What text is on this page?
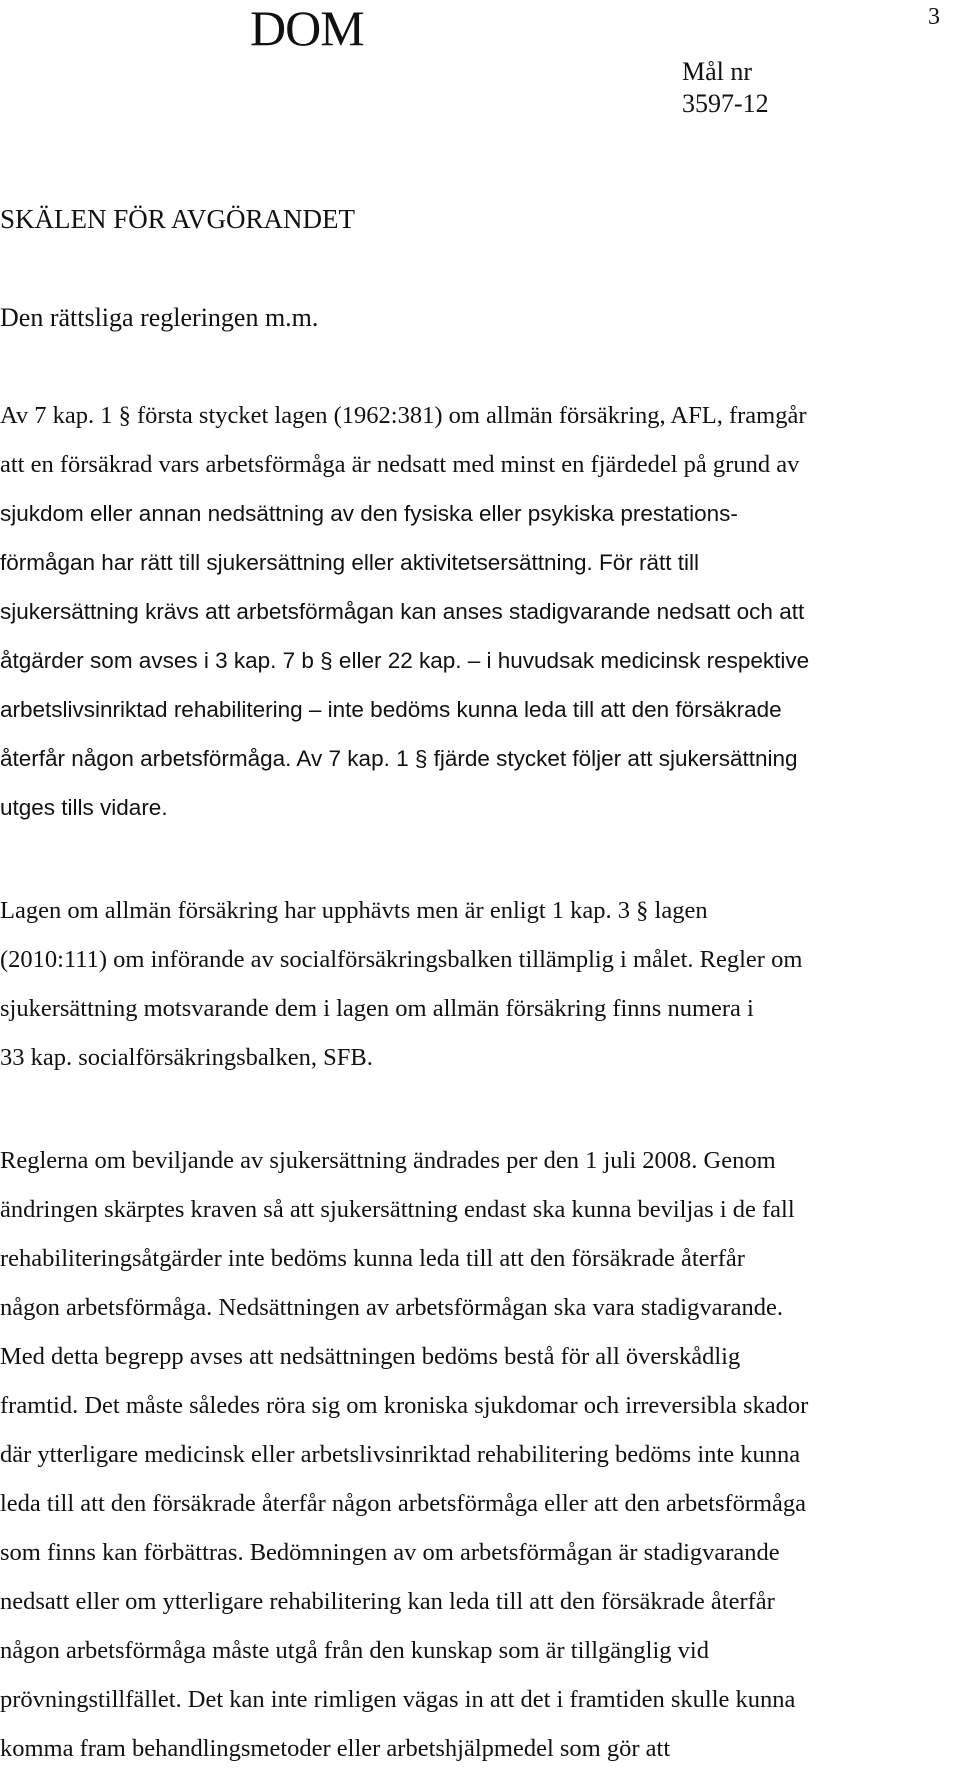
DOM	3
Mål nr
3597-12
SKÄLEN FÖR AVGÖRANDET
Den rättsliga regleringen m.m.
Av 7 kap. 1 § första stycket lagen (1962:381) om allmän försäkring, AFL, framgår
att en försäkrad vars arbetsförmåga är nedsatt med minst en fjärdedel på grund av
sjukdom eller annan nedsättning av den fysiska eller psykiska prestations-
förmågan har rätt till sjukersättning eller aktivitetsersättning. För rätt till
sjukersättning krävs att arbetsförmågan kan anses stadigvarande nedsatt och att
åtgärder som avses i 3 kap. 7 b § eller 22 kap. – i huvudsak medicinsk respektive
arbetslivsinriktad rehabilitering – inte bedöms kunna leda till att den försäkrade
återfår någon arbetsförmåga. Av 7 kap. 1 § fjärde stycket följer att sjukersättning
utges tills vidare.
Lagen om allmän försäkring har upphävts men är enligt 1 kap. 3 § lagen
(2010:111) om införande av socialförsäkringsbalken tillämplig i målet. Regler om
sjukersättning motsvarande dem i lagen om allmän försäkring finns numera i
33 kap. socialförsäkringsbalken, SFB.
Reglerna om beviljande av sjukersättning ändrades per den 1 juli 2008. Genom
ändringen skärptes kraven så att sjukersättning endast ska kunna beviljas i de fall
rehabiliteringsåtgärder inte bedöms kunna leda till att den försäkrade återfår
någon arbetsförmåga. Nedsättningen av arbetsförmågan ska vara stadigvarande.
Med detta begrepp avses att nedsättningen bedöms bestå för all överskådlig
framtid. Det måste således röra sig om kroniska sjukdomar och irreversibla skador
där ytterligare medicinsk eller arbetslivsinriktad rehabilitering bedöms inte kunna
leda till att den försäkrade återfår någon arbetsförmåga eller att den arbetsförmåga
som finns kan förbättras. Bedömningen av om arbetsförmågan är stadigvarande
nedsatt eller om ytterligare rehabilitering kan leda till att den försäkrade återfår
någon arbetsförmåga måste utgå från den kunskap som är tillgänglig vid
prövningstillfället. Det kan inte rimligen vägas in att det i framtiden skulle kunna
komma fram behandlingsmetoder eller arbetshjälpmedel som gör att
